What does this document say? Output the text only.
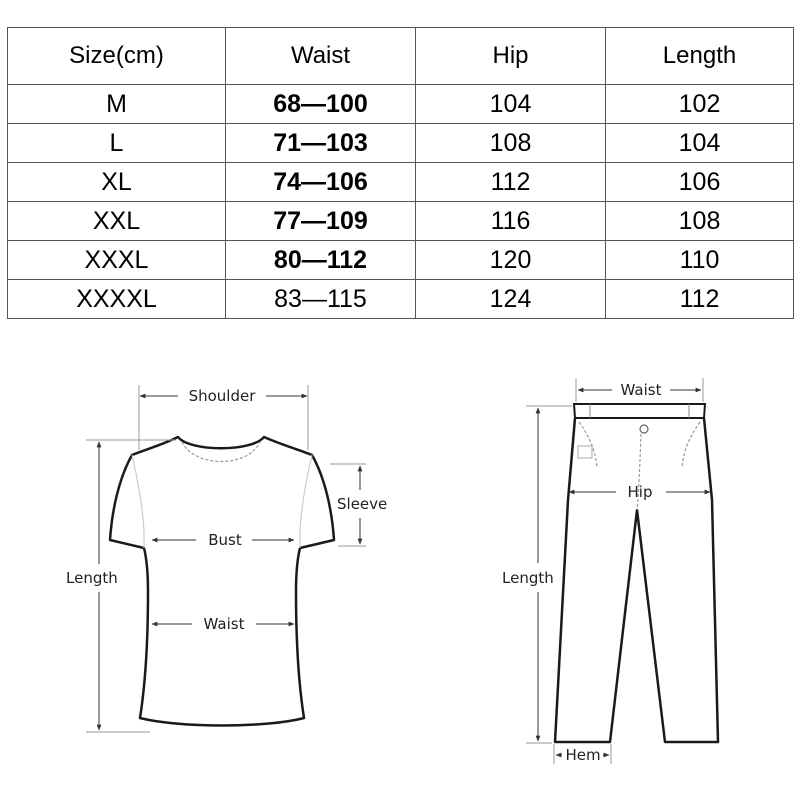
Size(cm)	Waist	Hip	Length
M	68—100	104	102
L	71—103	108	104
XL	74—106	112	106
XXL	77—109	116	108
XXXL	80—112	120	110
XXXXL	83—115	124	112
Shoulder
Sleeve
Bust
Waist
Length
Waist
Hip
Length
Hem
